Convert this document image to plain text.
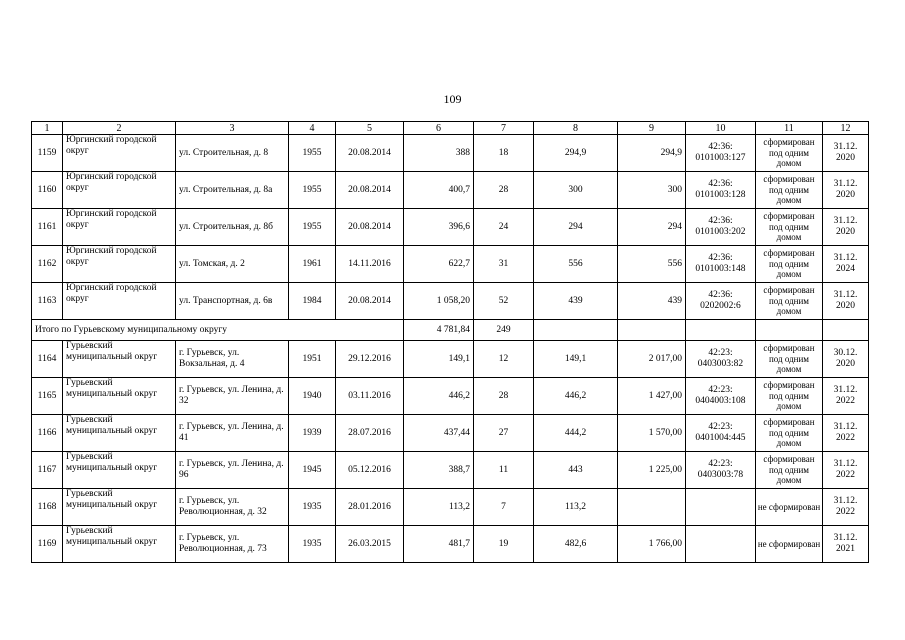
109
1	2	3	4	5	6	7	8	9	10	11	12
1159	Юргинский городской округ	ул. Строительная, д. 8	1955	20.08.2014	388	18	294,9	294,9	42:36: 0101003:127	сформирован под одним домом	31.12. 2020
1160	Юргинский городской округ	ул. Строительная, д. 8а	1955	20.08.2014	400,7	28	300	300	42:36: 0101003:128	сформирован под одним домом	31.12. 2020
1161	Юргинский городской округ	ул. Строительная, д. 8б	1955	20.08.2014	396,6	24	294	294	42:36: 0101003:202	сформирован под одним домом	31.12. 2020
1162	Юргинский городской округ	ул. Томская, д. 2	1961	14.11.2016	622,7	31	556	556	42:36: 0101003:148	сформирован под одним домом	31.12. 2024
1163	Юргинский городской округ	ул. Транспортная, д. 6в	1984	20.08.2014	1 058,20	52	439	439	42:36: 0202002:6	сформирован под одним домом	31.12. 2020
Итого по Гурьевскому муниципальному округу					4 781,84	249					
1164	Гурьевский муниципальный округ	г. Гурьевск, ул. Вокзальная, д. 4	1951	29.12.2016	149,1	12	149,1	2 017,00	42:23: 0403003:82	сформирован под одним домом	30.12. 2020
1165	Гурьевский муниципальный округ	г. Гурьевск, ул. Ленина, д. 32	1940	03.11.2016	446,2	28	446,2	1 427,00	42:23: 0404003:108	сформирован под одним домом	31.12. 2022
1166	Гурьевский муниципальный округ	г. Гурьевск, ул. Ленина, д. 41	1939	28.07.2016	437,44	27	444,2	1 570,00	42:23: 0401004:445	сформирован под одним домом	31.12. 2022
1167	Гурьевский муниципальный округ	г. Гурьевск, ул. Ленина, д. 96	1945	05.12.2016	388,7	11	443	1 225,00	42:23: 0403003:78	сформирован под одним домом	31.12. 2022
1168	Гурьевский муниципальный округ	г. Гурьевск, ул. Революционная, д. 32	1935	28.01.2016	113,2	7	113,2			не сформирован	31.12. 2022
1169	Гурьевский муниципальный округ	г. Гурьевск, ул. Революционная, д. 73	1935	26.03.2015	481,7	19	482,6	1 766,00		не сформирован	31.12. 2021
